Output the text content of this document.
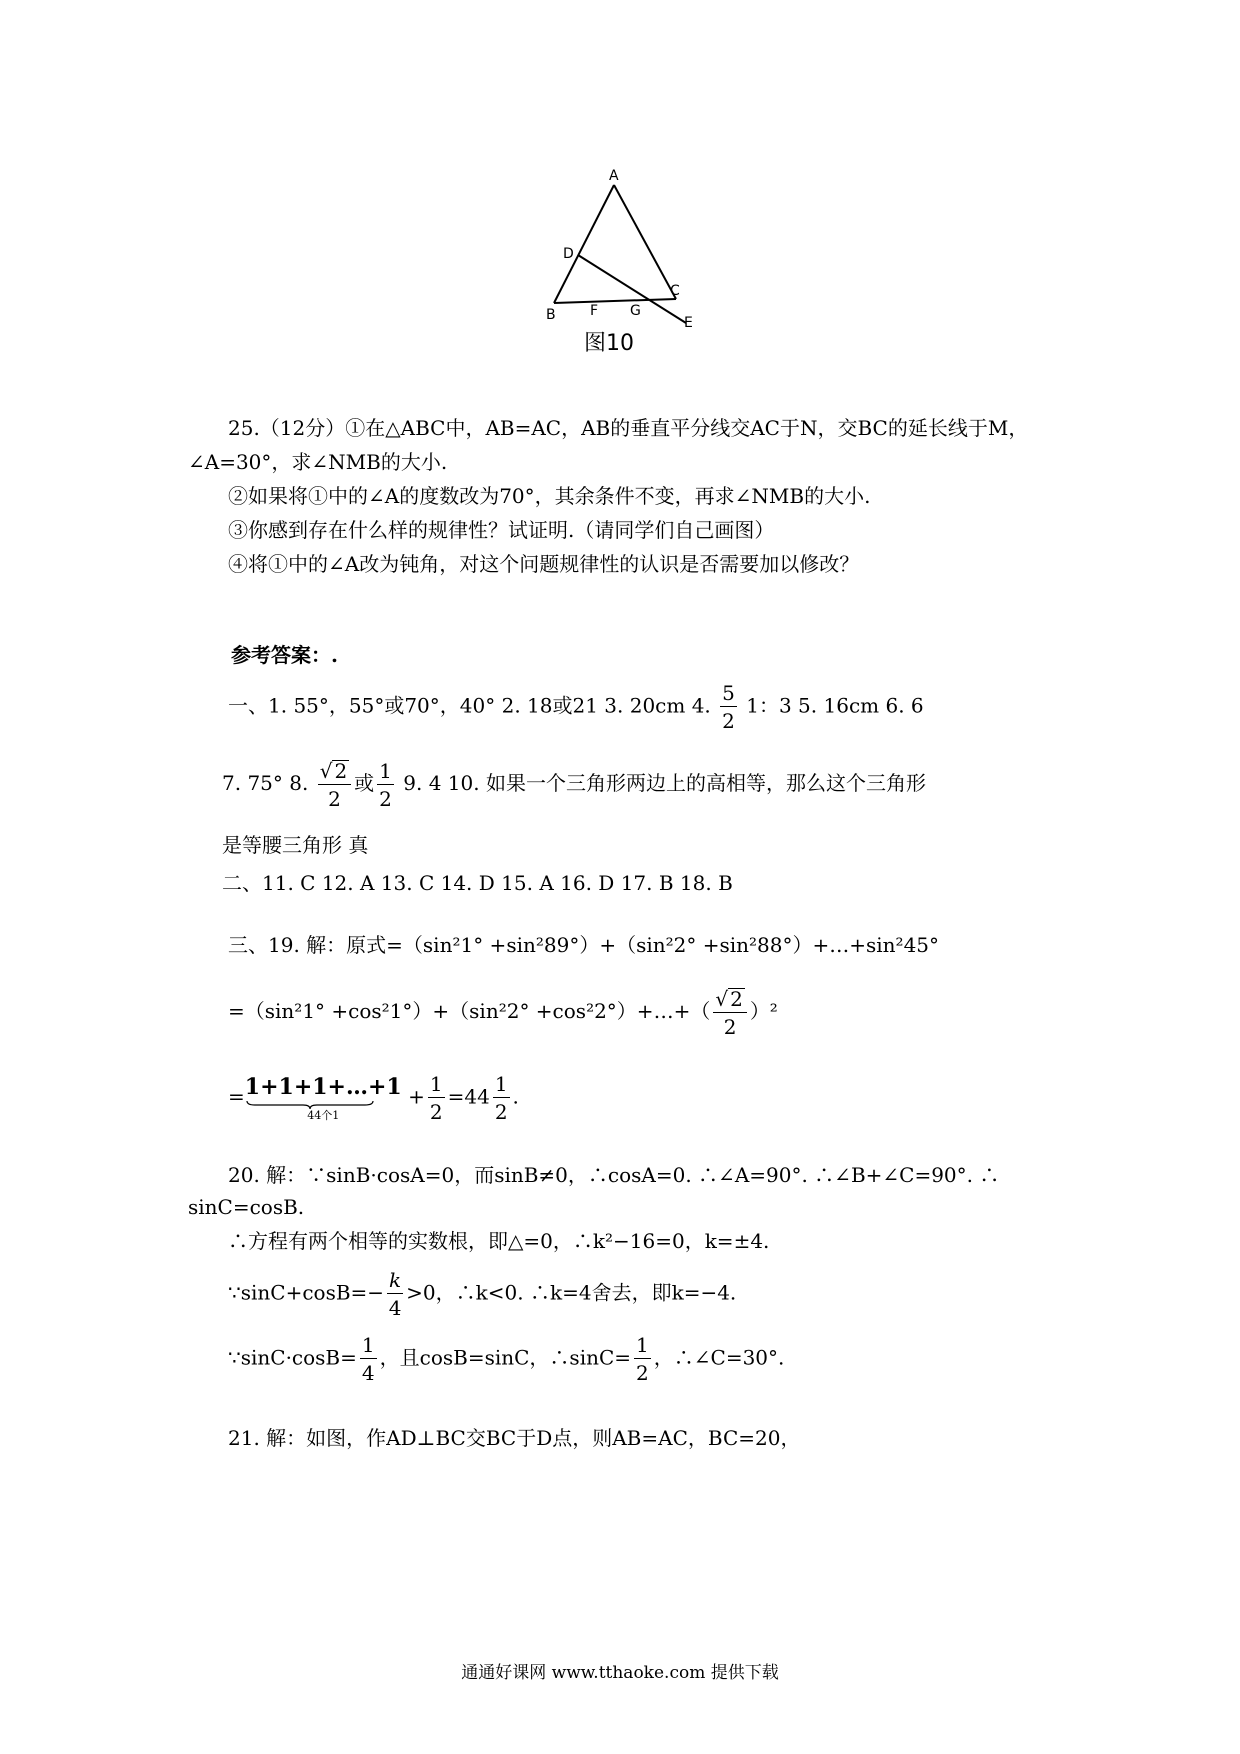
A
D
B F G
C
E
图10
25.（12分）①在△ABC中，AB=AC，AB的垂直平分线交AC于N，交BC的延长线于M，
∠A=30°，求∠NMB的大小.
②如果将①中的∠A的度数改为70°，其余条件不变，再求∠NMB的大小.
③你感到存在什么样的规律性？试证明.（请同学们自己画图）
④将①中的∠A改为钝角，对这个问题规律性的认识是否需要加以修改？
参考答案：.
一、1. 55°，55°或70°，40° 2. 18或21 3. 20cm 4. $\frac{5}{2} 1$：3 5. 16cm 6. 6
7. 75° 8. $\frac{√ 2}{2}$ 或 $\frac{1}{2} 9$. 4 10. 如果一个三角形两边上的高相等，那么这个三角形
是等腰三角形 真
二、11. C 12. A 13. C 14. D 15. A 16. D 17. B 18. B
三、19. 解：原式=（sin²1° +sin²89°）+（sin²2° +sin²88°）+…+sin²45°
=（sin²1° +cos²1°）+（sin²2° +cos²2°）+…+（ $\frac{√ 2}{2} )^2$
=1+1+1+…+1
44个1
+ $\frac{1}{2} =44 \frac{1}{2}$ .
20. 解：∵sinB·cosA=0，而sinB≠0，∴cosA=0. ∴∠A=90°. ∴∠B+∠C=90°. ∴
sinC=cosB.
∴方程有两个相等的实数根，即△=0，∴k²−16=0，k=±4.
∵sinC+cosB=− $\frac{k}{4} >0$，∴k<0. ∴k=4舍去，即k=−4.
∵sinC·cosB= $\frac{1}{4}$ ，且cosB=sinC，∴sinC= $\frac{1}{2}$ ，∴∠C=30°.
21. 解：如图，作AD⊥BC交BC于D点，则AB=AC，BC=20，
通通好课网 www.tthaoke.com 提供下载
